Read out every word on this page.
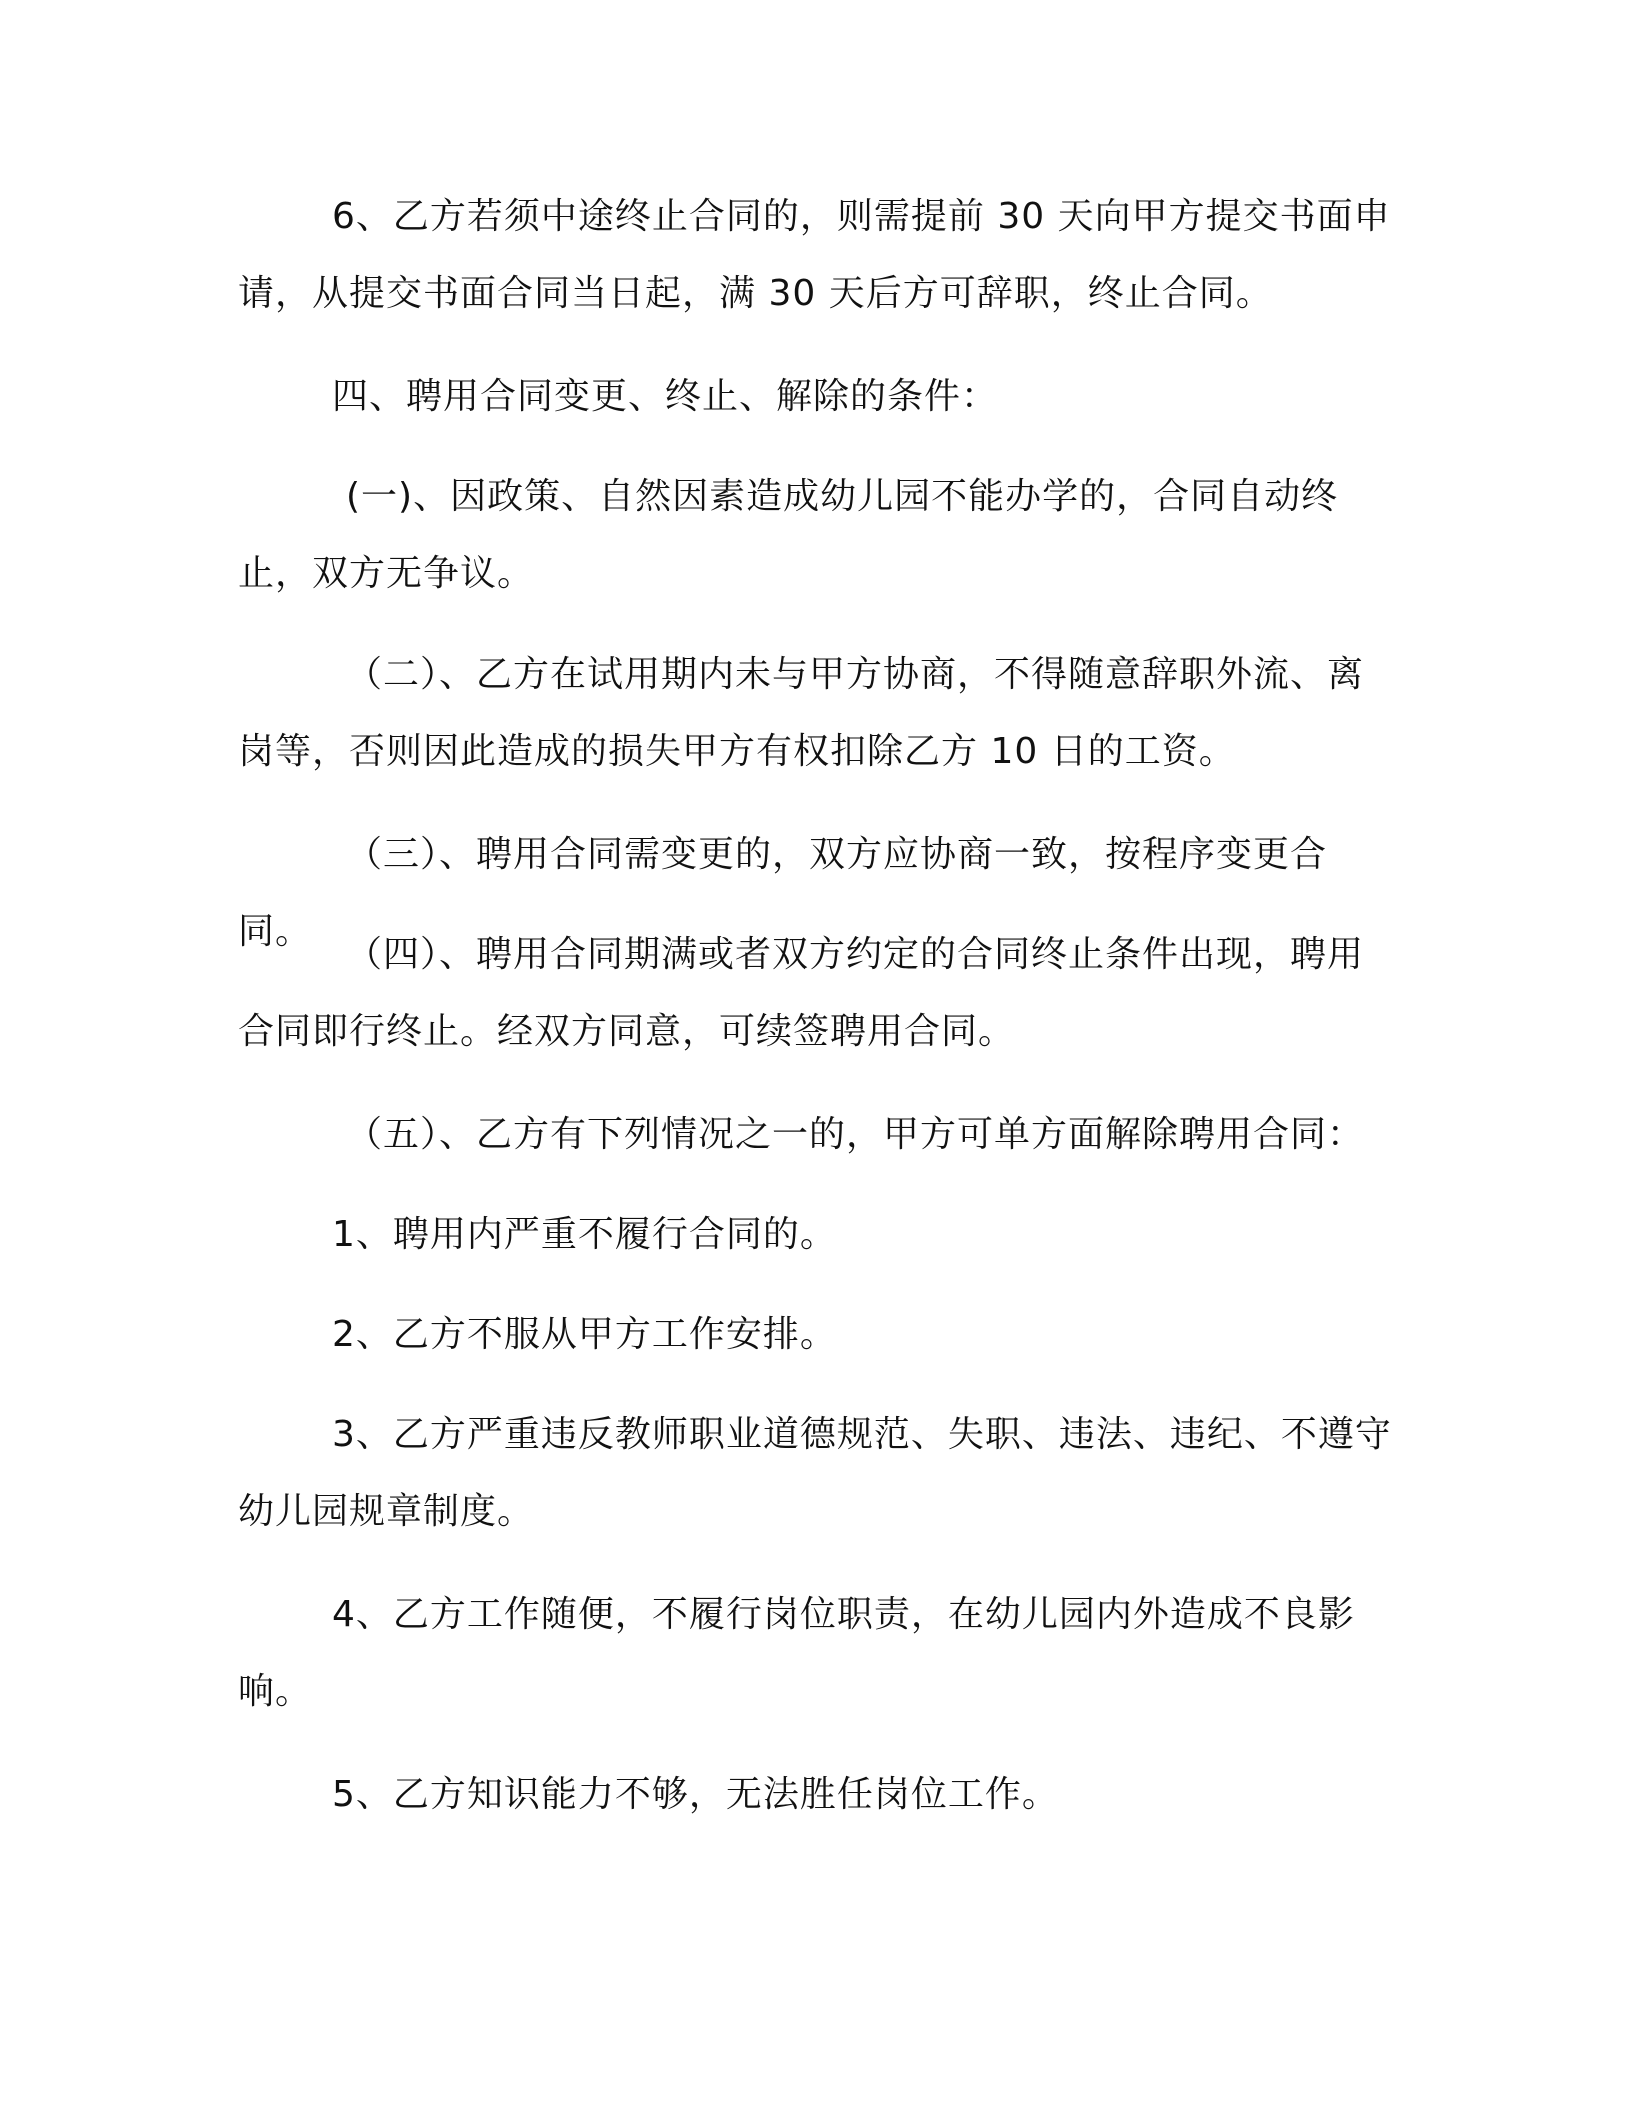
6、乙方若须中途终止合同的，则需提前 30 天向甲方提交书面申请，从提交书面合同当日起，满 30 天后方可辞职，终止合同。

四、聘用合同变更、终止、解除的条件：

(一)、因政策、自然因素造成幼儿园不能办学的，合同自动终止，双方无争议。

（二）、乙方在试用期内未与甲方协商，不得随意辞职外流、离岗等，否则因此造成的损失甲方有权扣除乙方 10 日的工资。

（三）、聘用合同需变更的，双方应协商一致，按程序变更合同。

（四）、聘用合同期满或者双方约定的合同终止条件出现，聘用合同即行终止。经双方同意，可续签聘用合同。

（五）、乙方有下列情况之一的，甲方可单方面解除聘用合同：

1、聘用内严重不履行合同的。

2、乙方不服从甲方工作安排。

3、乙方严重违反教师职业道德规范、失职、违法、违纪、不遵守幼儿园规章制度。

4、乙方工作随便，不履行岗位职责，在幼儿园内外造成不良影响。

5、乙方知识能力不够，无法胜任岗位工作。
